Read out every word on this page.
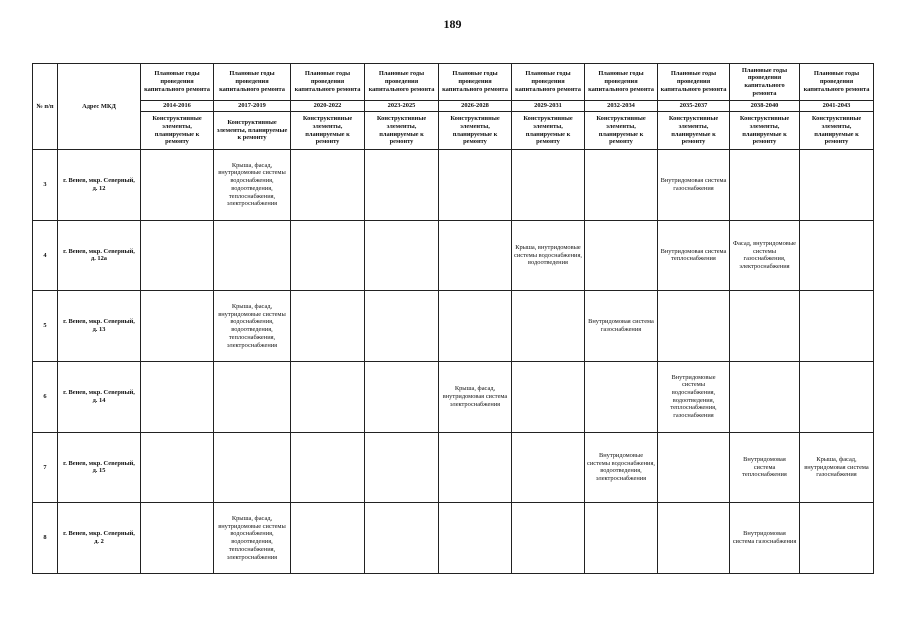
189
№ п/п	Адрес МКД	Плановые годы проведения капитального ремонта	Плановые годы проведения капитального ремонта	Плановые годы проведения капитального ремонта	Плановые годы проведения капитального ремонта	Плановые годы проведения капитального ремонта	Плановые годы проведения капитального ремонта	Плановые годы проведения капитального ремонта	Плановые годы проведения капитального ремонта	Плановые годы проведения капитального ремонта	Плановые годы проведения капитального ремонта
		2014-2016	2017-2019	2020-2022	2023-2025	2026-2028	2029-2031	2032-2034	2035-2037	2038-2040	2041-2043
		Конструктивные элементы, планируемые к ремонту	Конструктивные элементы, планируемые к ремонту	Конструктивные элементы, планируемые к ремонту	Конструктивные элементы, планируемые к ремонту	Конструктивные элементы, планируемые к ремонту	Конструктивные элементы, планируемые к ремонту	Конструктивные элементы, планируемые к ремонту	Конструктивные элементы, планируемые к ремонту	Конструктивные элементы, планируемые к ремонту	Конструктивные элементы, планируемые к ремонту
3	г. Венев, мкр. Северный, д. 12		Крыша, фасад, внутридомовые системы водоснабжения, водоотведения, теплоснабжения, электроснабжения						Внутридомовая система газоснабжения		
4	г. Венев, мкр. Северный, д. 12а						Крыша, внутридомовые системы водоснабжения, водоотведения		Внутридомовая система теплоснабжения	Фасад, внутридомовые системы газоснабжения, электроснабжения	
5	г. Венев, мкр. Северный, д. 13		Крыша, фасад, внутридомовые системы водоснабжения, водоотведения, теплоснабжения, электроснабжения					Внутридомовая система газоснабжения			
6	г. Венев, мкр. Северный, д. 14					Крыша, фасад, внутридомовая система электроснабжения			Внутридомовые системы водоснабжения, водоотведения, теплоснабжения, газоснабжения		
7	г. Венев, мкр. Северный, д. 15							Внутридомовые системы водоснабжения, водоотведения, электроснабжения		Внутридомовая система теплоснабжения	Крыша, фасад, внутридомовая система газоснабжения
8	г. Венев, мкр. Северный, д. 2		Крыша, фасад, внутридомовые системы водоснабжения, водоотведения, теплоснабжения, электроснабжения							Внутридомовая система газоснабжения	
